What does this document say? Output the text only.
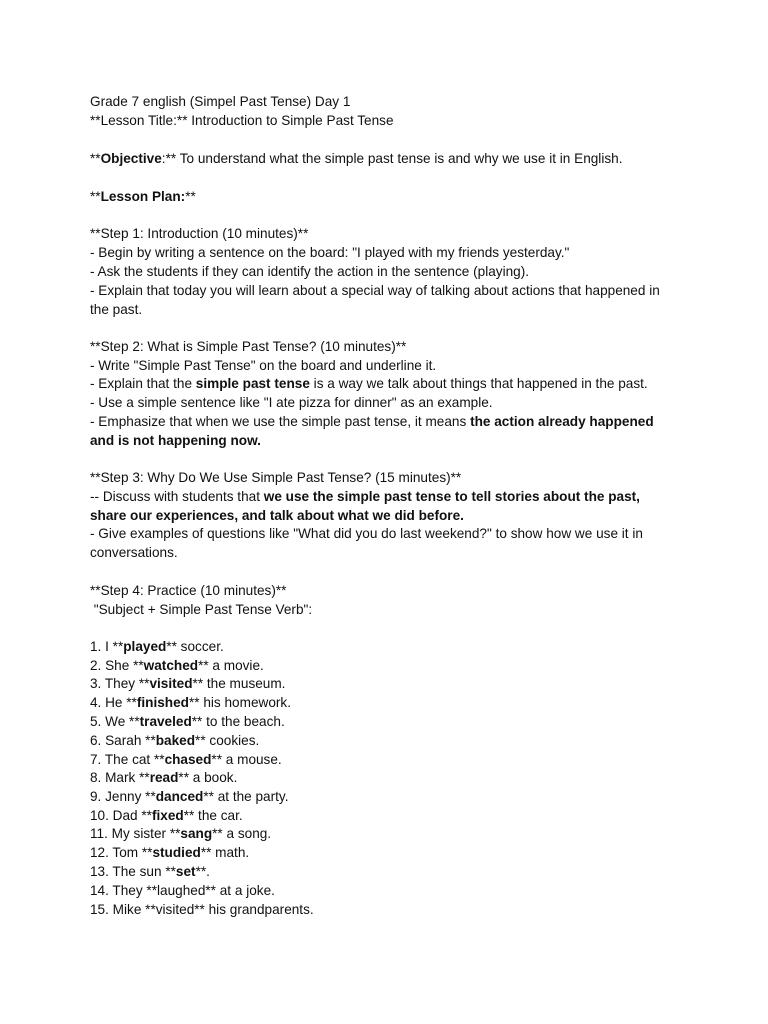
Grade 7 english (Simpel Past Tense) Day 1

**Lesson Title:** Introduction to Simple Past Tense

**Objective:** To understand what the simple past tense is and why we use it in English.

**Lesson Plan:**

**Step 1: Introduction (10 minutes)**

- Begin by writing a sentence on the board: "I played with my friends yesterday."

- Ask the students if they can identify the action in the sentence (playing).

- Explain that today you will learn about a special way of talking about actions that happened in

the past.

**Step 2: What is Simple Past Tense? (10 minutes)**

- Write "Simple Past Tense" on the board and underline it.

- Explain that the simple past tense is a way we talk about things that happened in the past.

- Use a simple sentence like "I ate pizza for dinner" as an example.

- Emphasize that when we use the simple past tense, it means the action already happened

and is not happening now.

**Step 3: Why Do We Use Simple Past Tense? (15 minutes)**

-- Discuss with students that we use the simple past tense to tell stories about the past,

share our experiences, and talk about what we did before.

- Give examples of questions like "What did you do last weekend?" to show how we use it in

conversations.

**Step 4: Practice (10 minutes)**

"Subject + Simple Past Tense Verb":

1. I **played** soccer.

2. She **watched** a movie.

3. They **visited** the museum.

4. He **finished** his homework.

5. We **traveled** to the beach.

6. Sarah **baked** cookies.

7. The cat **chased** a mouse.

8. Mark **read** a book.

9. Jenny **danced** at the party.

10. Dad **fixed** the car.

11. My sister **sang** a song.

12. Tom **studied** math.

13. The sun **set**.

14. They **laughed** at a joke.

15. Mike **visited** his grandparents.
